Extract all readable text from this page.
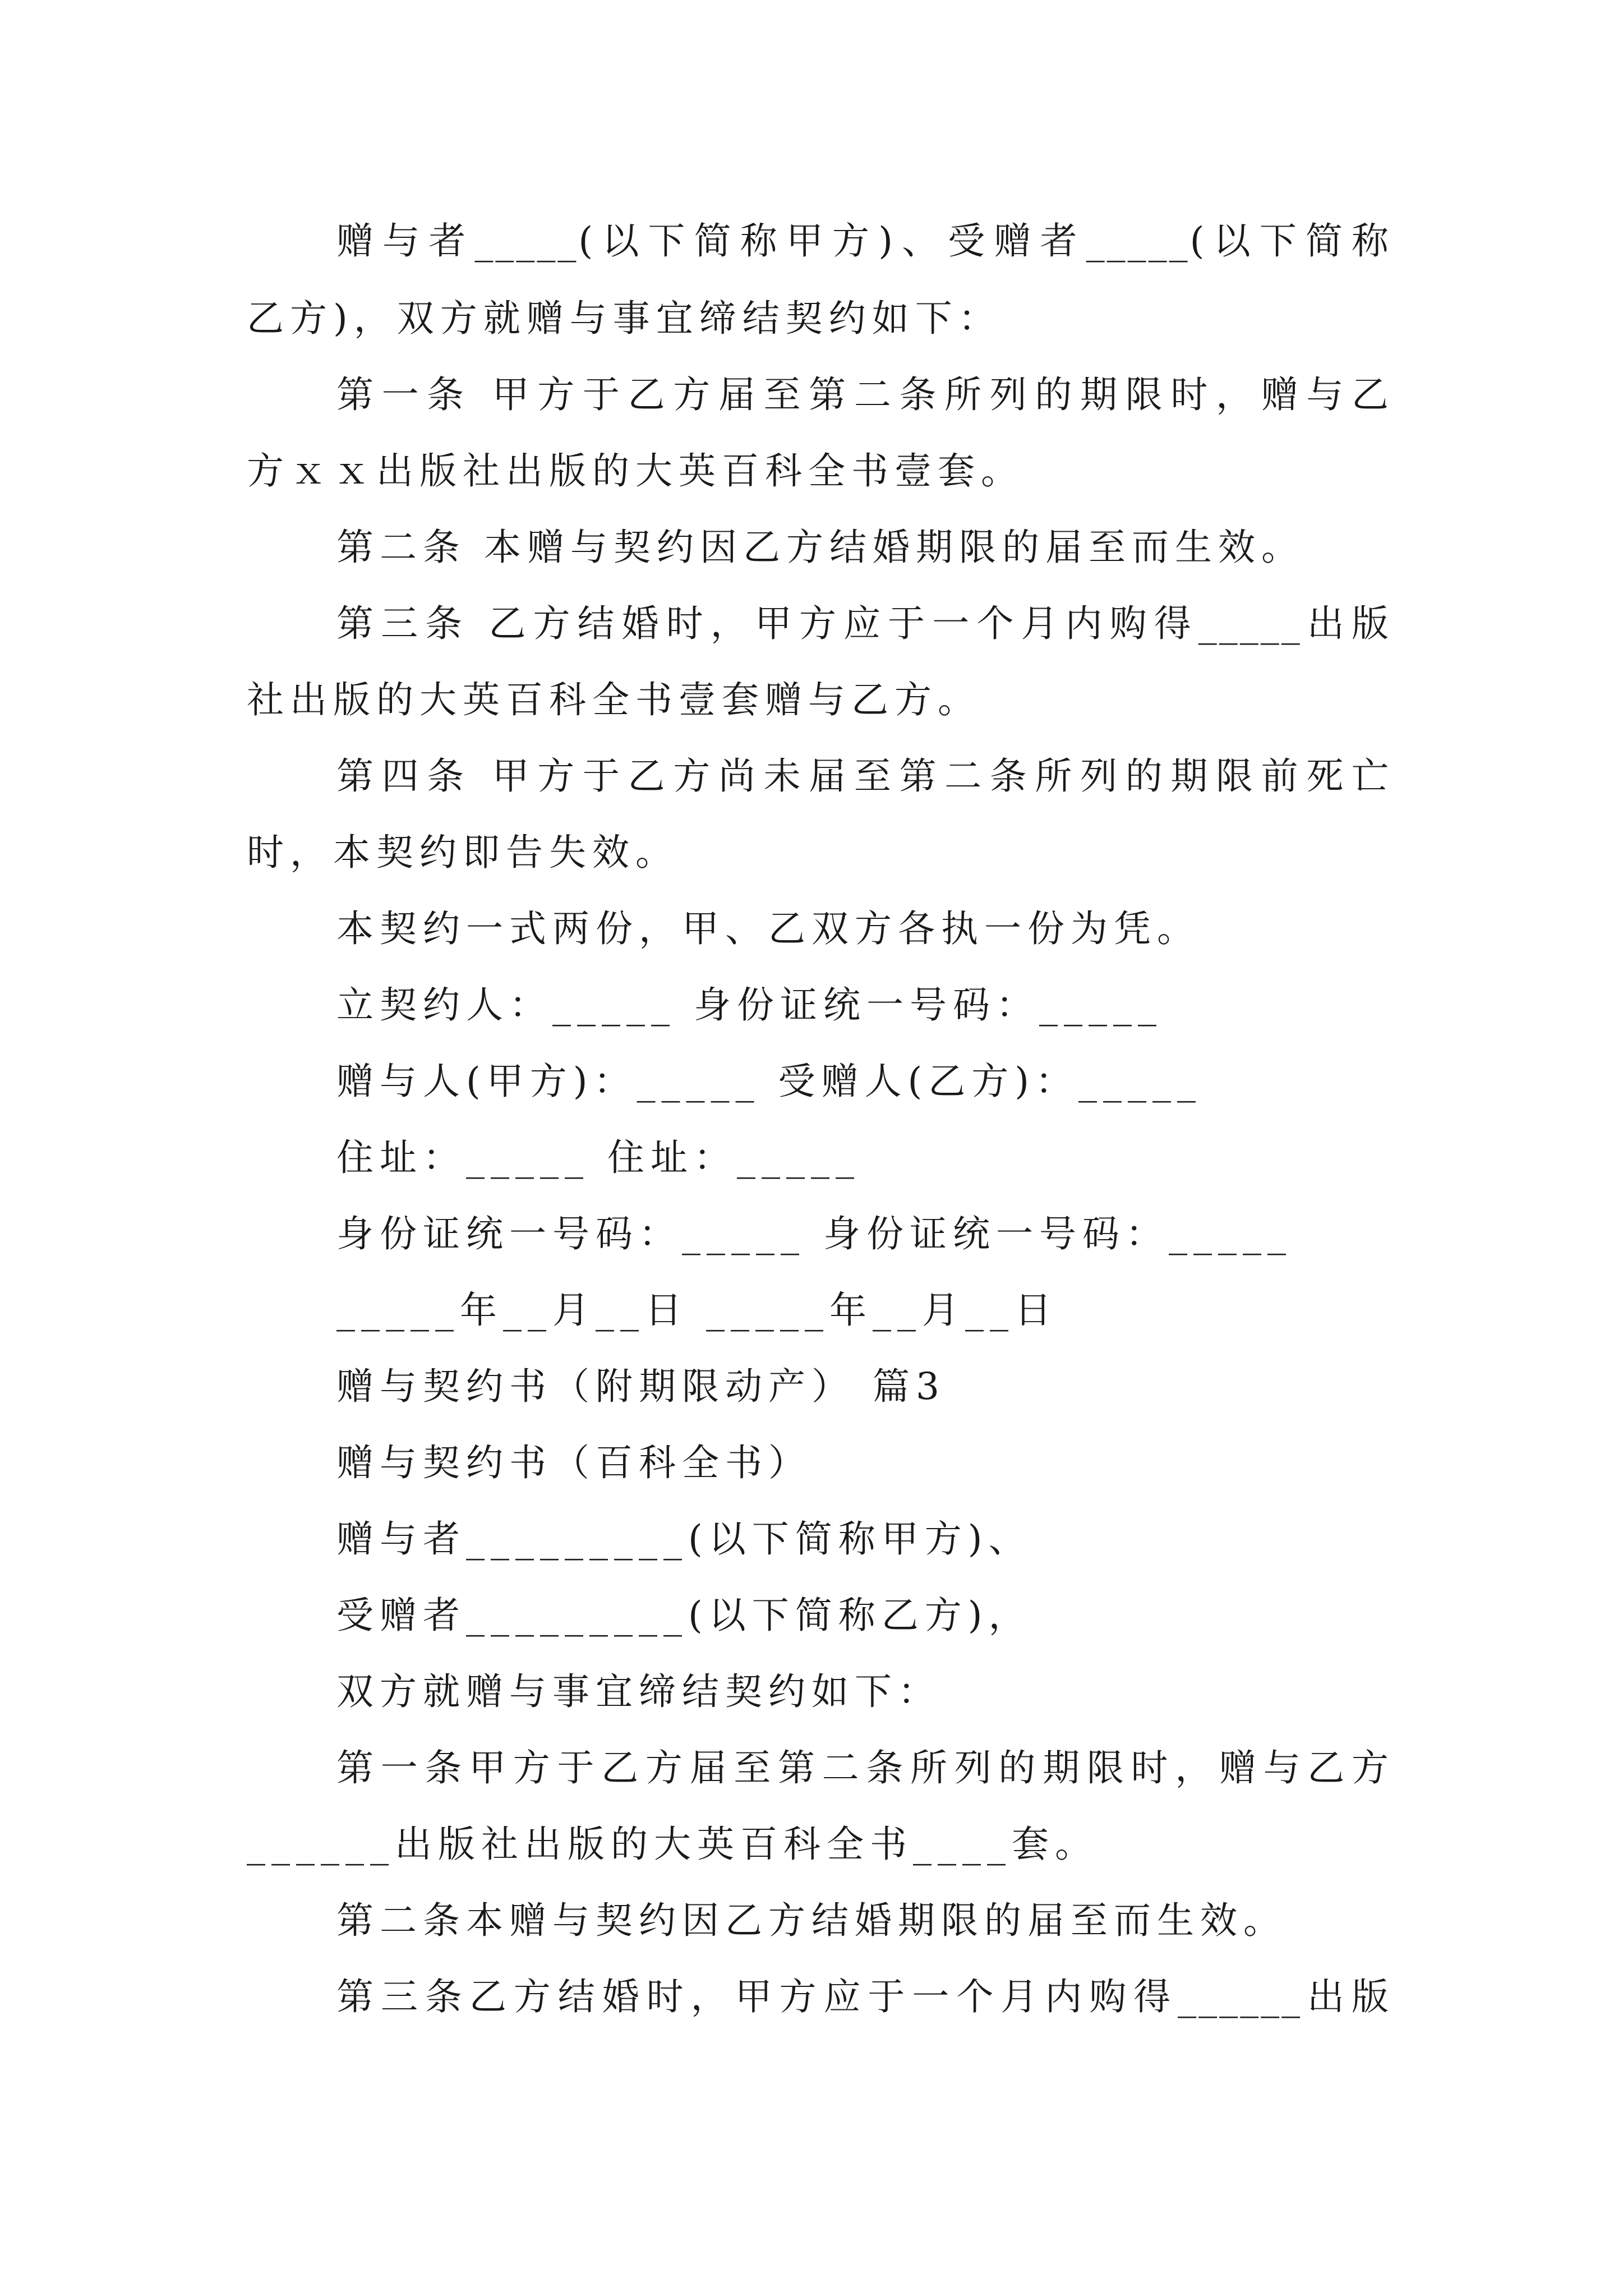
赠与者_____(以下简称甲方)、受赠者_____(以下简称
乙方)，双方就赠与事宜缔结契约如下：
第一条 甲方于乙方届至第二条所列的期限时，赠与乙
方ｘｘ出版社出版的大英百科全书壹套。
第二条 本赠与契约因乙方结婚期限的届至而生效。
第三条 乙方结婚时，甲方应于一个月内购得_____出版
社出版的大英百科全书壹套赠与乙方。
第四条 甲方于乙方尚未届至第二条所列的期限前死亡
时，本契约即告失效。
本契约一式两份，甲、乙双方各执一份为凭。
立契约人：_____ 身份证统一号码：_____
赠与人(甲方)：_____ 受赠人(乙方)：_____
住址：_____ 住址：_____
身份证统一号码：_____ 身份证统一号码：_____
_____年__月__日 _____年__月__日
赠与契约书（附期限动产） 篇3
赠与契约书（百科全书）
赠与者_________(以下简称甲方)、
受赠者_________(以下简称乙方)，
双方就赠与事宜缔结契约如下：
第一条甲方于乙方届至第二条所列的期限时，赠与乙方
______出版社出版的大英百科全书____套。
第二条本赠与契约因乙方结婚期限的届至而生效。
第三条乙方结婚时，甲方应于一个月内购得______出版
